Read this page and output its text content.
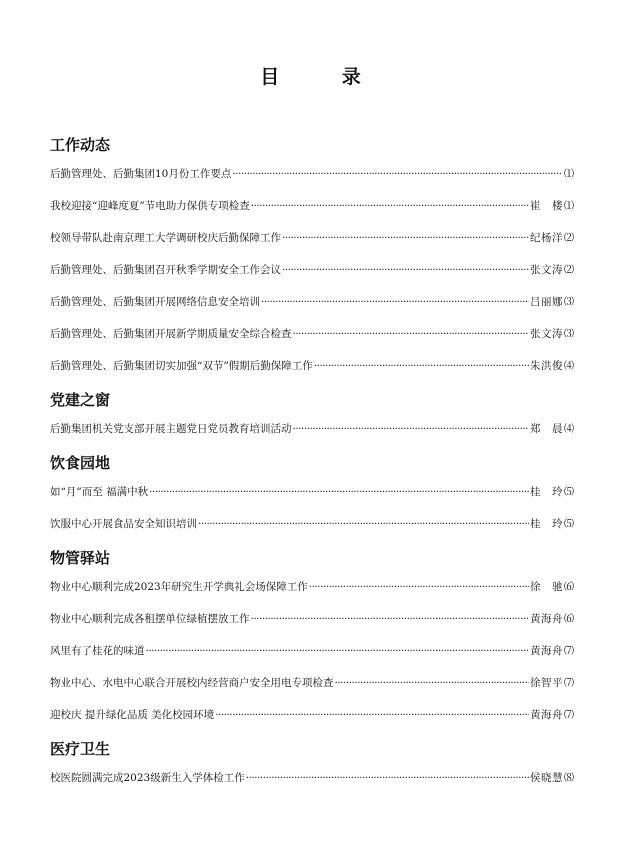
目 录
工作动态
后勤管理处、后勤集团10月份工作要点 ·····	⑴
我校迎接“迎峰度夏”节电助力保供专项检查 ·····	崔　楼 ⑴
校领导带队赴南京理工大学调研校庆后勤保障工作 ·····	纪杨洋 ⑵
后勤管理处、后勤集团召开秋季学期安全工作会议 ·····	张文涛 ⑵
后勤管理处、后勤集团开展网络信息安全培训 ·····	吕丽娜 ⑶
后勤管理处、后勤集团开展新学期质量安全综合检查 ·····	张文涛 ⑶
后勤管理处、后勤集团切实加强“双节”假期后勤保障工作 ·····	朱洪俊 ⑷
党建之窗
后勤集团机关党支部开展主题党日党员教育培训活动 ·····	郑　晨 ⑷
饮食园地
如“月”而至 福满中秋 ·····	桂　玲 ⑸
饮服中心开展食品安全知识培训 ·····	桂　玲 ⑸
物管驿站
物业中心顺利完成2023年研究生开学典礼会场保障工作 ·····	徐　驰 ⑹
物业中心顺利完成各租摆单位绿植摆放工作 ·····	黄海舟 ⑹
风里有了桂花的味道 ·····	黄海舟 ⑺
物业中心、水电中心联合开展校内经营商户安全用电专项检查 ·····	徐智平 ⑺
迎校庆 提升绿化品质 美化校园环境 ·····	黄海舟 ⑺
医疗卫生
校医院圆满完成2023级新生入学体检工作 ·····	侯晓慧 ⑻
